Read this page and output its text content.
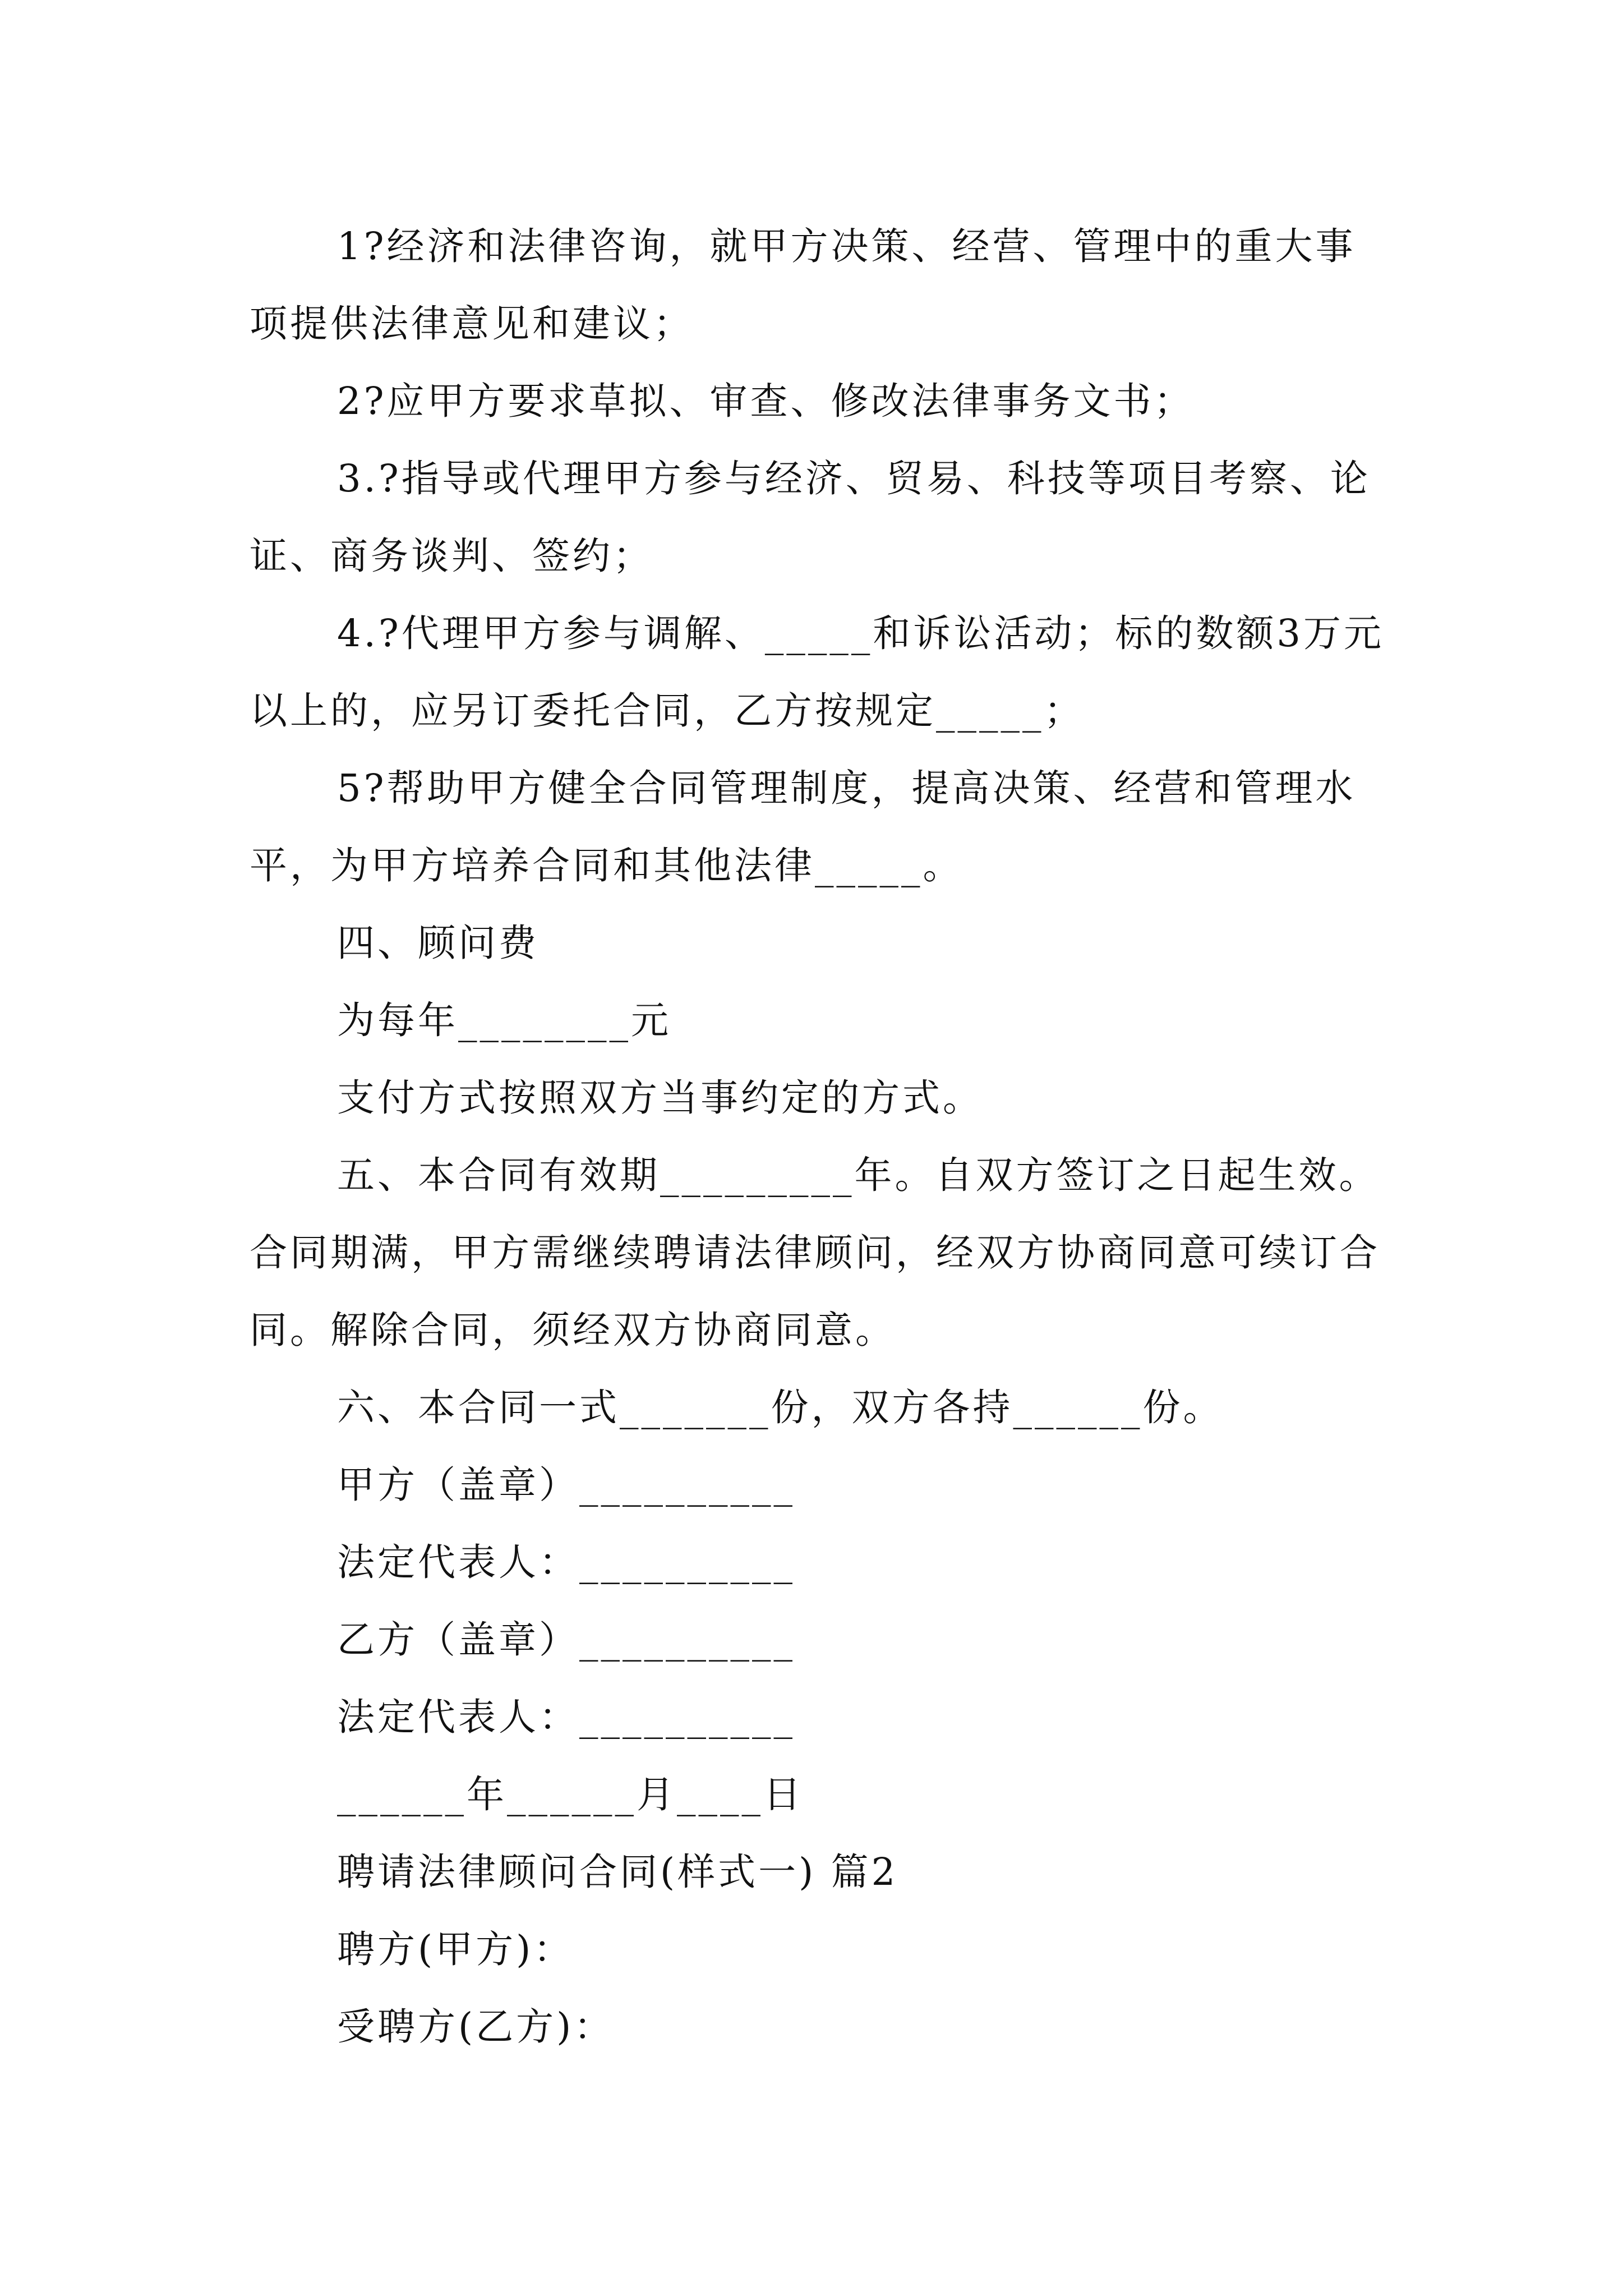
1?经济和法律咨询，就甲方决策、经营、管理中的重大事项提供法律意见和建议；

2?应甲方要求草拟、审查、修改法律事务文书；

3.?指导或代理甲方参与经济、贸易、科技等项目考察、论证、商务谈判、签约；

4.?代理甲方参与调解、_____和诉讼活动；标的数额3万元以上的，应另订委托合同，乙方按规定_____；

5?帮助甲方健全合同管理制度，提高决策、经营和管理水平，为甲方培养合同和其他法律_____。

四、顾问费

为每年________元

支付方式按照双方当事约定的方式。

五、本合同有效期_________年。自双方签订之日起生效。合同期满，甲方需继续聘请法律顾问，经双方协商同意可续订合同。解除合同，须经双方协商同意。

六、本合同一式_______份，双方各持______份。

甲方（盖章）__________

法定代表人：__________

乙方（盖章）__________

法定代表人：__________

______年______月____日

聘请法律顾问合同(样式一) 篇2

聘方(甲方)：

受聘方(乙方)：
